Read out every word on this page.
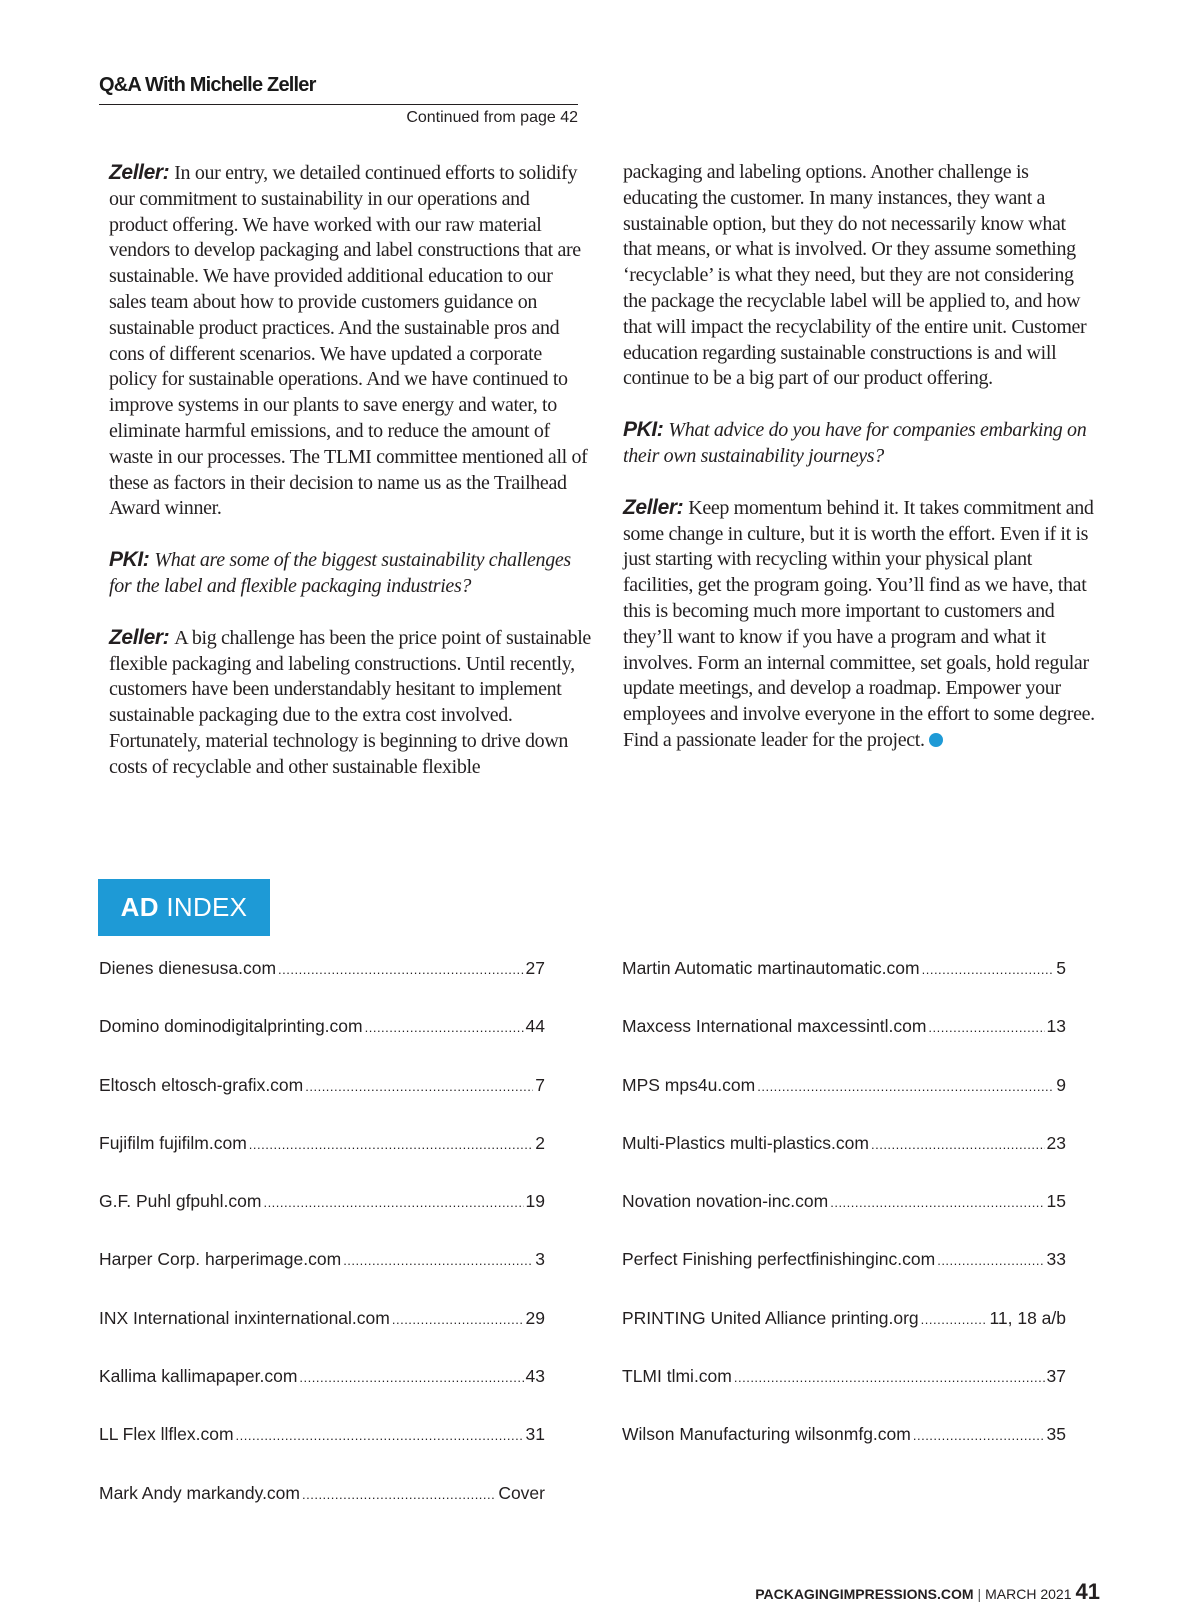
Q&A With Michelle Zeller
Continued from page 42

Zeller: In our entry, we detailed continued efforts to solidify our commitment to sustainability in our operations and product offering. We have worked with our raw material vendors to develop packaging and label constructions that are sustainable. We have provided additional education to our sales team about how to provide customers guidance on sustainable product practices. And the sustainable pros and cons of different scenarios. We have updated a corporate policy for sustainable operations. And we have continued to improve systems in our plants to save energy and water, to eliminate harmful emissions, and to reduce the amount of waste in our processes. The TLMI committee mentioned all of these as factors in their decision to name us as the Trailhead Award winner.

PKI: What are some of the biggest sustainability challenges for the label and flexible packaging industries?

Zeller: A big challenge has been the price point of sustainable flexible packaging and labeling constructions. Until recently, customers have been understandably hesitant to implement sustainable packaging due to the extra cost involved. Fortunately, material technology is beginning to drive down costs of recyclable and other sustainable flexible

packaging and labeling options. Another challenge is educating the customer. In many instances, they want a sustainable option, but they do not necessarily know what that means, or what is involved. Or they assume something ‘recyclable’ is what they need, but they are not considering the package the recyclable label will be applied to, and how that will impact the recyclability of the entire unit. Customer education regarding sustainable constructions is and will continue to be a big part of our product offering.

PKI: What advice do you have for companies embarking on their own sustainability journeys?

Zeller: Keep momentum behind it. It takes commitment and some change in culture, but it is worth the effort. Even if it is just starting with recycling within your physical plant facilities, get the program going. You’ll find as we have, that this is becoming much more important to customers and they’ll want to know if you have a program and what it involves. Form an internal committee, set goals, hold regular update meetings, and develop a roadmap. Empower your employees and involve everyone in the effort to some degree. Find a passionate leader for the project.

AD INDEX
Dienes dienesusa.com .....	27
Domino dominodigitalprinting.com .....	44
Eltosch eltosch-grafix.com .....	7
Fujifilm fujifilm.com .....	2
G.F. Puhl gfpuhl.com .....	19
Harper Corp. harperimage.com .....	3
INX International inxinternational.com .....	29
Kallima kallimapaper.com .....	43
LL Flex llflex.com .....	31
Mark Andy markandy.com .....	Cover
Martin Automatic martinautomatic.com .....	5
Maxcess International maxcessintl.com .....	13
MPS mps4u.com .....	9
Multi-Plastics multi-plastics.com .....	23
Novation novation-inc.com .....	15
Perfect Finishing perfectfinishinginc.com .....	33
PRINTING United Alliance printing.org .....	11, 18 a/b
TLMI tlmi.com .....	37
Wilson Manufacturing wilsonmfg.com .....	35
PACKAGINGIMPRESSIONS.COM | MARCH 2021 41
